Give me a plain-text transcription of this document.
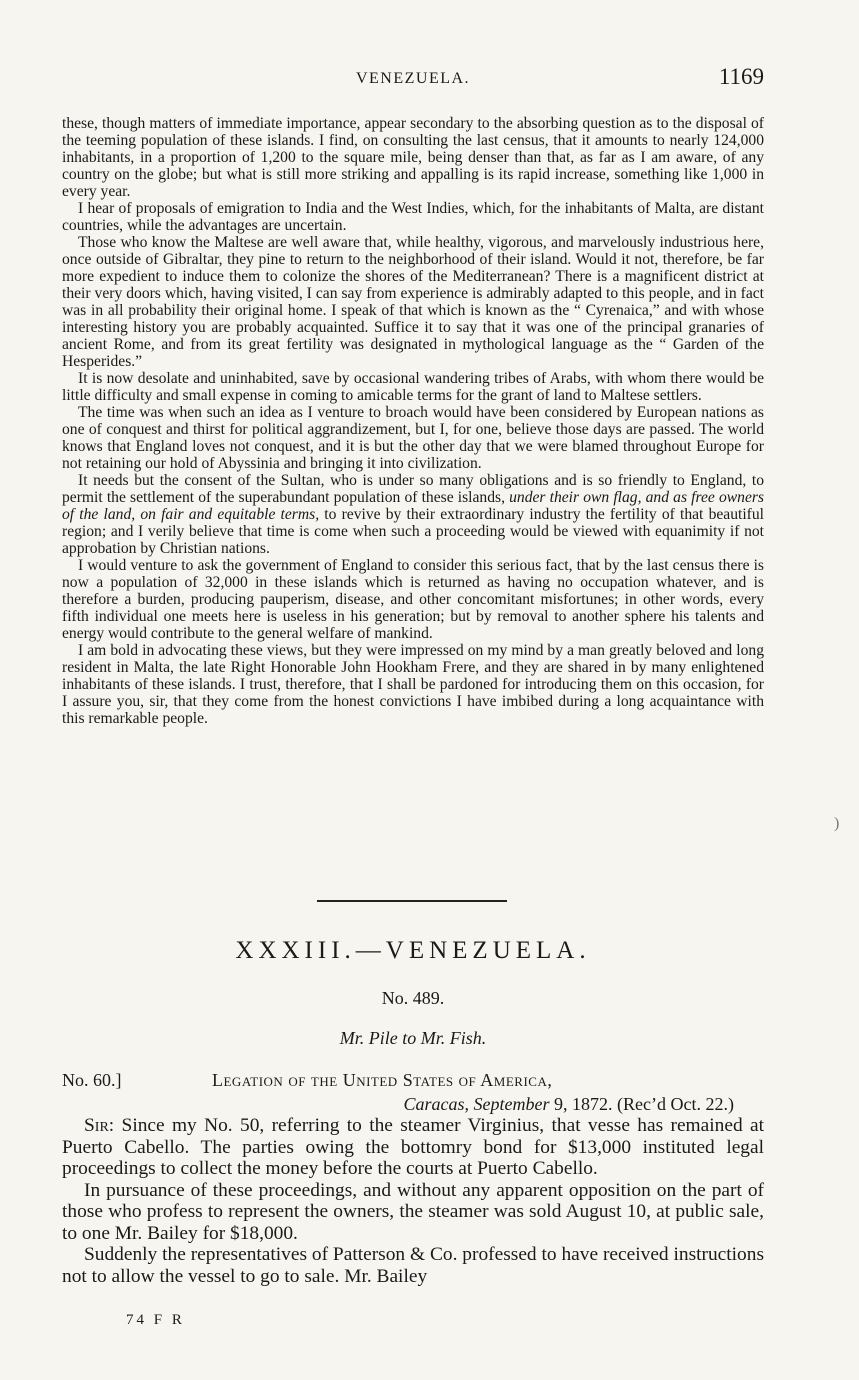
VENEZUELA.	1169

these, though matters of immediate importance, appear secondary to the absorbing question as to the disposal of the teeming population of these islands. I find, on consulting the last census, that it amounts to nearly 124,000 inhabitants, in a proportion of 1,200 to the square mile, being denser than that, as far as I am aware, of any country on the globe; but what is still more striking and appalling is its rapid increase, something like 1,000 in every year.

I hear of proposals of emigration to India and the West Indies, which, for the inhabitants of Malta, are distant countries, while the advantages are uncertain.

Those who know the Maltese are well aware that, while healthy, vigorous, and marvelously industrious here, once outside of Gibraltar, they pine to return to the neighborhood of their island. Would it not, therefore, be far more expedient to induce them to colonize the shores of the Mediterranean? There is a magnificent district at their very doors which, having visited, I can say from experience is admirably adapted to this people, and in fact was in all probability their original home. I speak of that which is known as the “ Cyrenaica,” and with whose interesting history you are probably acquainted. Suffice it to say that it was one of the principal granaries of ancient Rome, and from its great fertility was designated in mythological language as the “ Garden of the Hesperides.”

It is now desolate and uninhabited, save by occasional wandering tribes of Arabs, with whom there would be little difficulty and small expense in coming to amicable terms for the grant of land to Maltese settlers.

The time was when such an idea as I venture to broach would have been considered by European nations as one of conquest and thirst for political aggrandizement, but I, for one, believe those days are passed. The world knows that England loves not conquest, and it is but the other day that we were blamed throughout Europe for not retaining our hold of Abyssinia and bringing it into civilization.

It needs but the consent of the Sultan, who is under so many obligations and is so friendly to England, to permit the settlement of the superabundant population of these islands, under their own flag, and as free owners of the land, on fair and equitable terms, to revive by their extraordinary industry the fertility of that beautiful region; and I verily believe that time is come when such a proceeding would be viewed with equanimity if not approbation by Christian nations.

I would venture to ask the government of England to consider this serious fact, that by the last census there is now a population of 32,000 in these islands which is returned as having no occupation whatever, and is therefore a burden, producing pauperism, disease, and other concomitant misfortunes; in other words, every fifth individual one meets here is useless in his generation; but by removal to another sphere his talents and energy would contribute to the general welfare of mankind.

I am bold in advocating these views, but they were impressed on my mind by a man greatly beloved and long resident in Malta, the late Right Honorable John Hookham Frere, and they are shared in by many enlightened inhabitants of these islands. I trust, therefore, that I shall be pardoned for introducing them on this occasion, for I assure you, sir, that they come from the honest convictions I have imbibed during a long acquaintance with this remarkable people.

XXXIII.—VENEZUELA.
No. 489.
Mr. Pile to Mr. Fish.
No. 60.]	Legation of the United States of America,
Caracas, September 9, 1872. (Rec’d Oct. 22.)

Sir: Since my No. 50, referring to the steamer Virginius, that vesse has remained at Puerto Cabello. The parties owing the bottomry bond for $13,000 instituted legal proceedings to collect the money before the courts at Puerto Cabello.

In pursuance of these proceedings, and without any apparent opposition on the part of those who profess to represent the owners, the steamer was sold August 10, at public sale, to one Mr. Bailey for $18,000.

Suddenly the representatives of Patterson & Co. professed to have received instructions not to allow the vessel to go to sale. Mr. Bailey

74 F R
)
